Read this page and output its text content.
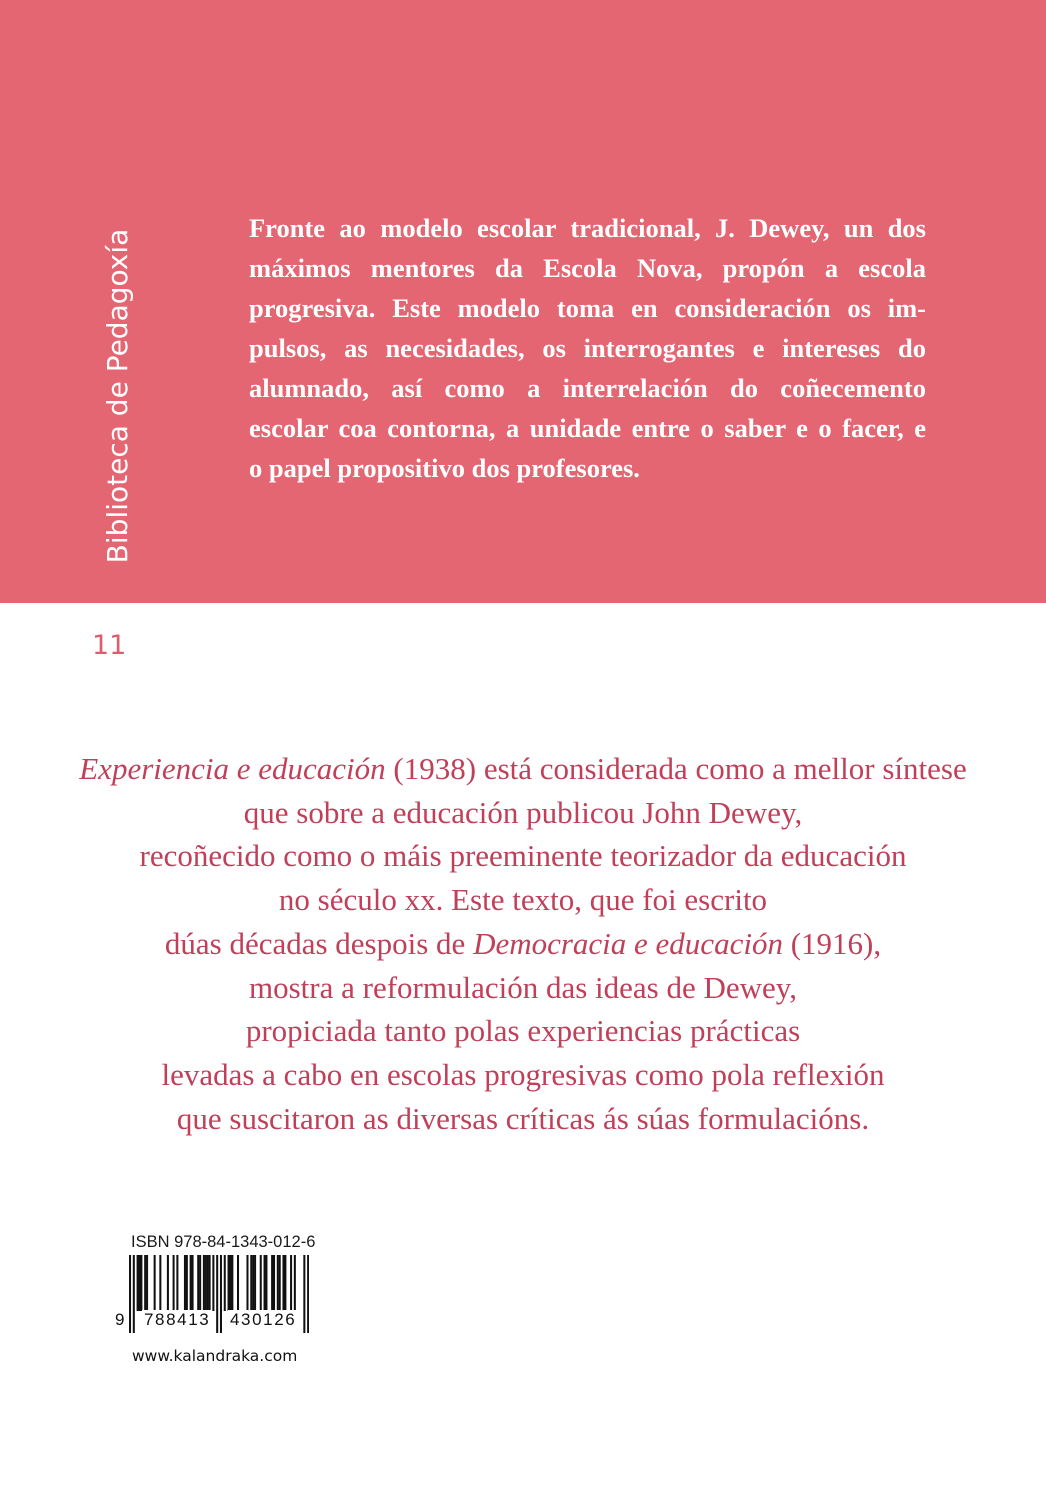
Biblioteca de Pedagoxía

Fronte ao modelo escolar tradicional, J. Dewey, un dos
máximos mentores da Escola Nova, propón a escola
progresiva. Este modelo toma en consideración os im-
pulsos, as necesidades, os interrogantes e intereses do
alumnado, así como a interrelación do coñecemento
escolar coa contorna, a unidade entre o saber e o facer, e
o papel propositivo dos profesores.

11

Experiencia e educación (1938) está considerada como a mellor síntese
que sobre a educación publicou John Dewey,
recoñecido como o máis preeminente teorizador da educación
no século xx. Este texto, que foi escrito
dúas décadas despois de Democracia e educación (1916),
mostra a reformulación das ideas de Dewey,
propiciada tanto polas experiencias prácticas
levadas a cabo en escolas progresivas como pola reflexión
que suscitaron as diversas críticas ás súas formulacións.

ISBN 978-84-1343-012-6
9 788413 430126
www.kalandraka.com
